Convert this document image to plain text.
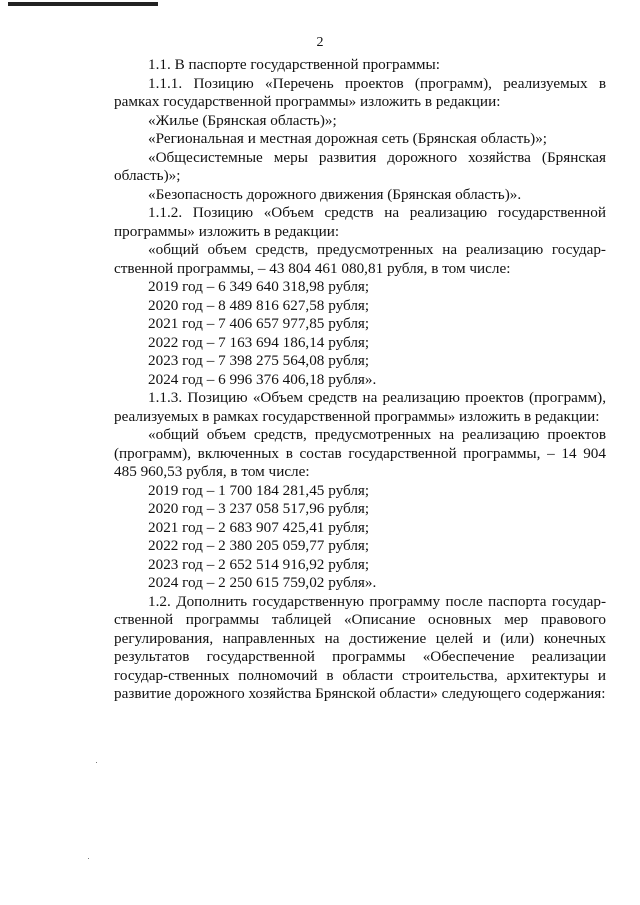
2

1.1. В паспорте государственной программы:

1.1.1. Позицию «Перечень проектов (программ), реализуемых в рамках государственной программы» изложить в редакции:

«Жилье (Брянская область)»;

«Региональная и местная дорожная сеть (Брянская область)»;

«Общесистемные меры развития дорожного хозяйства (Брянская область)»;

«Безопасность дорожного движения (Брянская область)».

1.1.2. Позицию «Объем средств на реализацию государственной программы» изложить в редакции:

«общий объем средств, предусмотренных на реализацию государ-ственной программы, – 43 804 461 080,81 рубля, в том числе:

2019 год – 6 349 640 318,98 рубля;

2020 год – 8 489 816 627,58 рубля;

2021 год – 7 406 657 977,85 рубля;

2022 год – 7 163 694 186,14 рубля;

2023 год – 7 398 275 564,08 рубля;

2024 год – 6 996 376 406,18 рубля».

1.1.3. Позицию «Объем средств на реализацию проектов (программ), реализуемых в рамках государственной программы» изложить в редакции:

«общий объем средств, предусмотренных на реализацию проектов (программ), включенных в состав государственной программы, – 14 904 485 960,53 рубля, в том числе:

2019 год – 1 700 184 281,45 рубля;

2020 год – 3 237 058 517,96 рубля;

2021 год – 2 683 907 425,41 рубля;

2022 год – 2 380 205 059,77 рубля;

2023 год – 2 652 514 916,92 рубля;

2024 год – 2 250 615 759,02 рубля».

1.2. Дополнить государственную программу после паспорта государ-ственной программы таблицей «Описание основных мер правового регулирования, направленных на достижение целей и (или) конечных результатов государственной программы «Обеспечение реализации государ-ственных полномочий в области строительства, архитектуры и развитие дорожного хозяйства Брянской области» следующего содержания:
